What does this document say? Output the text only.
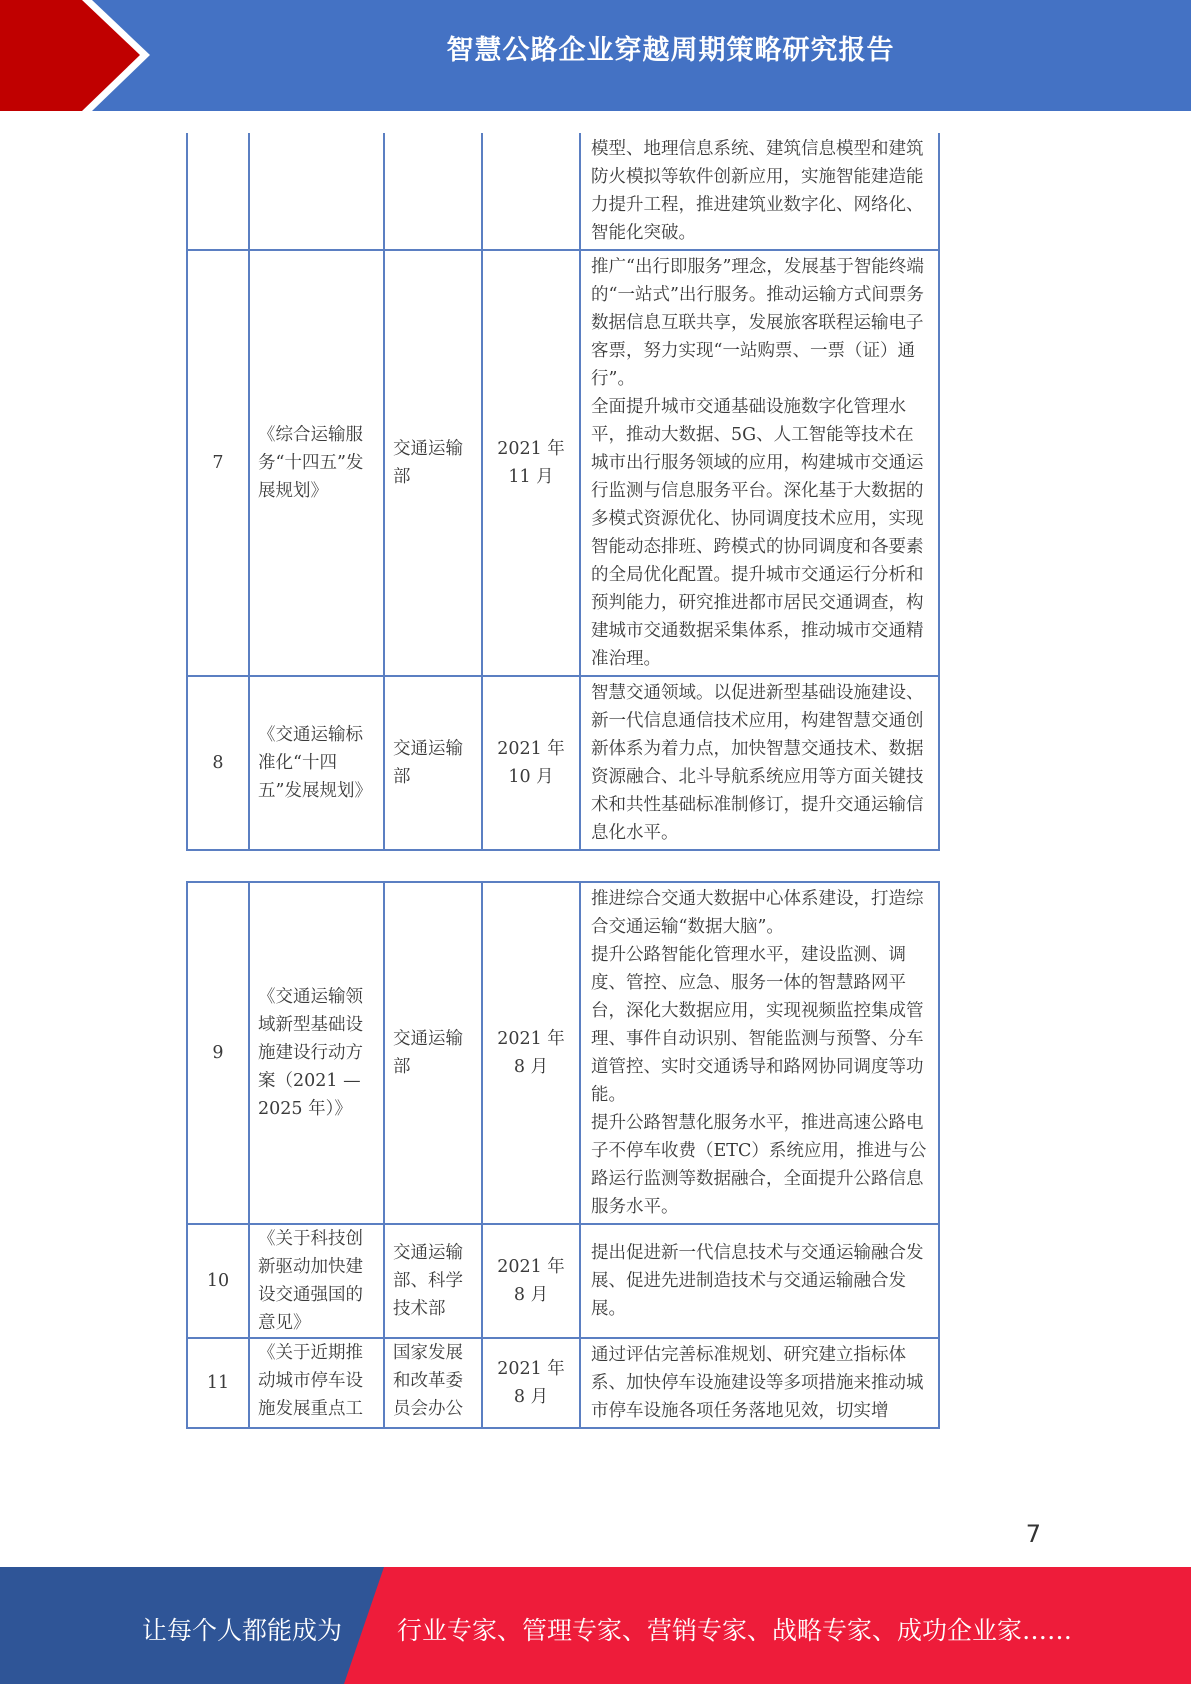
智慧公路企业穿越周期策略研究报告

				模型、地理信息系统、建筑信息模型和建筑防火模拟等软件创新应用，实施智能建造能力提升工程，推进建筑业数字化、网络化、智能化突破。

7	《综合运输服务“十四五”发展规划》	交通运输部	2021 年 11 月	推广“出行即服务”理念，发展基于智能终端的“一站式”出行服务。推动运输方式间票务数据信息互联共享，发展旅客联程运输电子客票，努力实现“一站购票、一票（证）通行”。
全面提升城市交通基础设施数字化管理水平，推动大数据、5G、人工智能等技术在城市出行服务领域的应用，构建城市交通运行监测与信息服务平台。深化基于大数据的多模式资源优化、协同调度技术应用，实现智能动态排班、跨模式的协同调度和各要素的全局优化配置。提升城市交通运行分析和预判能力，研究推进都市居民交通调查，构建城市交通数据采集体系，推动城市交通精准治理。

8	《交通运输标准化“十四五”发展规划》	交通运输部	2021 年 10 月	智慧交通领域。以促进新型基础设施建设、新一代信息通信技术应用，构建智慧交通创新体系为着力点，加快智慧交通技术、数据资源融合、北斗导航系统应用等方面关键技术和共性基础标准制修订，提升交通运输信息化水平。
9	《交通运输领域新型基础设施建设行动方案（2021 — 2025 年）》	交通运输部	2021 年 8 月	推进综合交通大数据中心体系建设，打造综合交通运输“数据大脑”。
提升公路智能化管理水平，建设监测、调度、管控、应急、服务一体的智慧路网平台，深化大数据应用，实现视频监控集成管理、事件自动识别、智能监测与预警、分车道管控、实时交通诱导和路网协同调度等功能。
提升公路智慧化服务水平，推进高速公路电子不停车收费（ETC）系统应用，推进与公路运行监测等数据融合，全面提升公路信息服务水平。

10	《关于科技创新驱动加快建设交通强国的意见》	交通运输部、科学技术部	2021 年 8 月	提出促进新一代信息技术与交通运输融合发展、促进先进制造技术与交通运输融合发展。

11	《关于近期推动城市停车设施发展重点工	国家发展和改革委员会办公	2021 年 8 月	通过评估完善标准规划、研究建立指标体系、加快停车设施建设等多项措施来推动城市停车设施各项任务落地见效，切实增
7
让每个人都能成为 行业专家、管理专家、营销专家、战略专家、成功企业家……
